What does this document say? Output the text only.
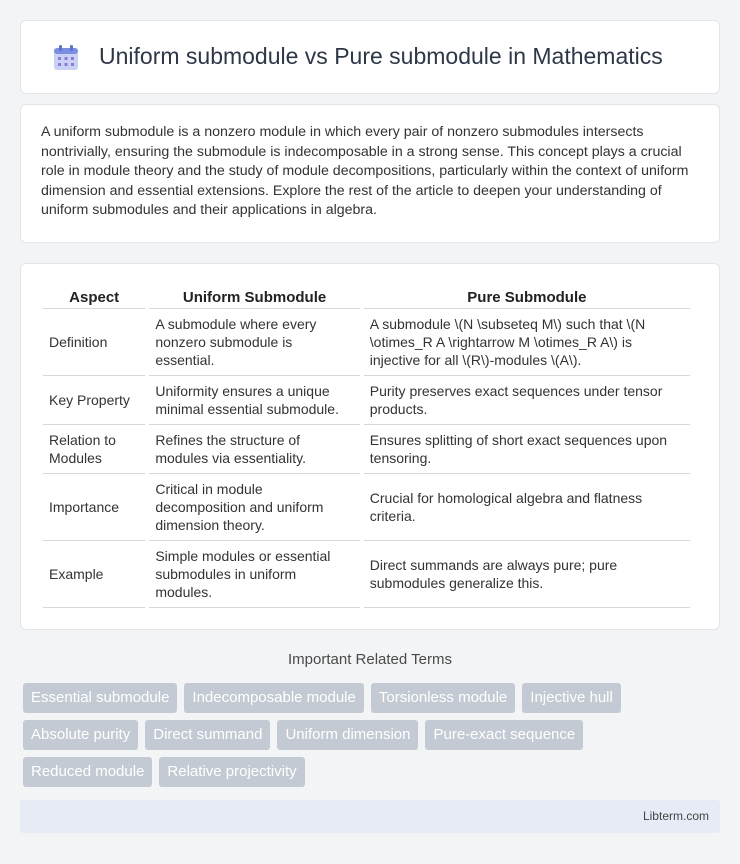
Uniform submodule vs Pure submodule in Mathematics

A uniform submodule is a nonzero module in which every pair of nonzero submodules intersects nontrivially, ensuring the submodule is indecomposable in a strong sense. This concept plays a crucial role in module theory and the study of module decompositions, particularly within the context of uniform dimension and essential extensions. Explore the rest of the article to deepen your understanding of uniform submodules and their applications in algebra.

Aspect	Uniform Submodule	Pure Submodule
Definition	A submodule where every nonzero submodule is essential.	A submodule \(N \subseteq M\) such that \(N \otimes_R A \rightarrow M \otimes_R A\) is injective for all \(R\)-modules \(A\).
Key Property	Uniformity ensures a unique minimal essential submodule.	Purity preserves exact sequences under tensor products.
Relation to Modules	Refines the structure of modules via essentiality.	Ensures splitting of short exact sequences upon tensoring.
Importance	Critical in module decomposition and uniform dimension theory.	Crucial for homological algebra and flatness criteria.
Example	Simple modules or essential submodules in uniform modules.	Direct summands are always pure; pure submodules generalize this.
Important Related Terms
Essential submodule	Indecomposable module	Torsionless module	Injective hull
Absolute purity	Direct summand	Uniform dimension	Pure-exact sequence
Reduced module	Relative projectivity
Libterm.com
